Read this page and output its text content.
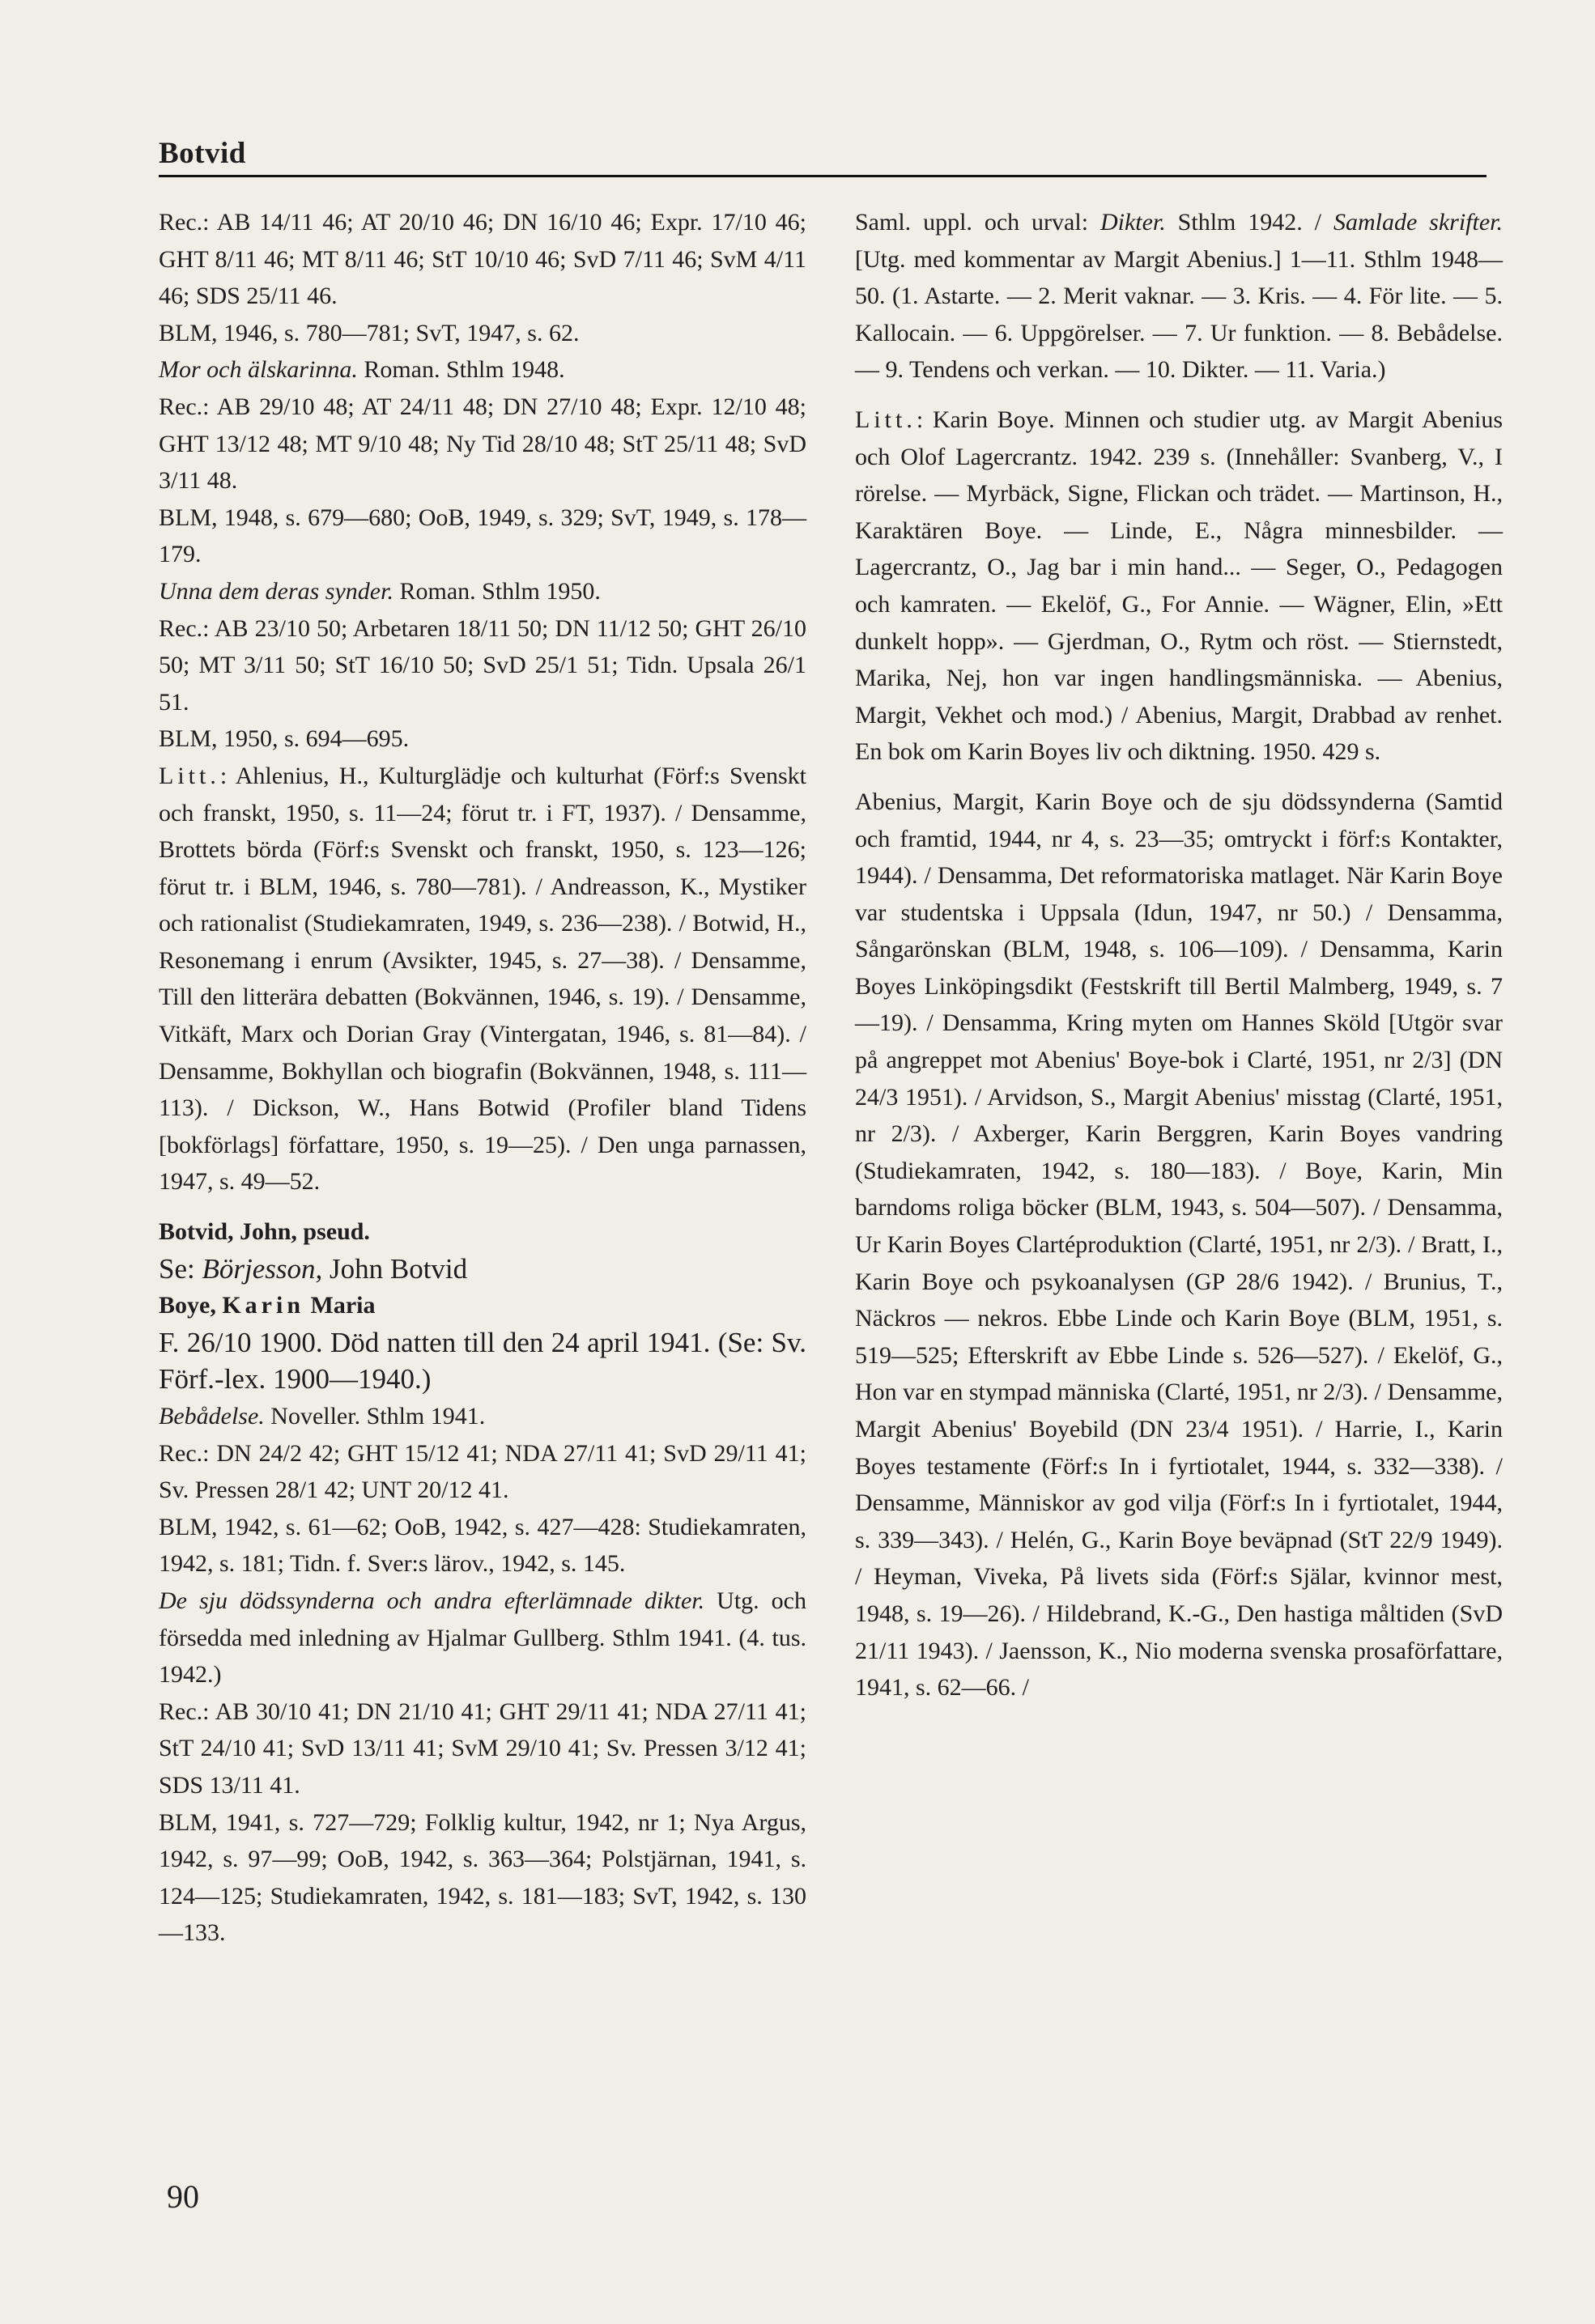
Botvid

Rec.: AB 14/11 46; AT 20/10 46; DN 16/10 46; Expr. 17/10 46; GHT 8/11 46; MT 8/11 46; StT 10/10 46; SvD 7/11 46; SvM 4/11 46; SDS 25/11 46.

BLM, 1946, s. 780—781; SvT, 1947, s. 62.

Mor och älskarinna. Roman. Sthlm 1948.

Rec.: AB 29/10 48; AT 24/11 48; DN 27/10 48; Expr. 12/10 48; GHT 13/12 48; MT 9/10 48; Ny Tid 28/10 48; StT 25/11 48; SvD 3/11 48.

BLM, 1948, s. 679—680; OoB, 1949, s. 329; SvT, 1949, s. 178—179.

Unna dem deras synder. Roman. Sthlm 1950.

Rec.: AB 23/10 50; Arbetaren 18/11 50; DN 11/12 50; GHT 26/10 50; MT 3/11 50; StT 16/10 50; SvD 25/1 51; Tidn. Upsala 26/1 51.

BLM, 1950, s. 694—695.

Litt.: Ahlenius, H., Kulturglädje och kulturhat (Förf:s Svenskt och franskt, 1950, s. 11—24; förut tr. i FT, 1937). / Densamme, Brottets börda (Förf:s Svenskt och franskt, 1950, s. 123—126; förut tr. i BLM, 1946, s. 780—781). / Andreasson, K., Mystiker och rationalist (Studiekamraten, 1949, s. 236—238). / Botwid, H., Resonemang i enrum (Avsikter, 1945, s. 27—38). / Densamme, Till den litterära debatten (Bokvännen, 1946, s. 19). / Densamme, Vitkäft, Marx och Dorian Gray (Vintergatan, 1946, s. 81—84). / Densamme, Bokhyllan och biografin (Bokvännen, 1948, s. 111—113). / Dickson, W., Hans Botwid (Profiler bland Tidens [bokförlags] författare, 1950, s. 19—25). / Den unga parnassen, 1947, s. 49—52.

Botvid, John, pseud.

Se: Börjesson, John Botvid

Boye, Karin Maria

F. 26/10 1900. Död natten till den 24 april 1941. (Se: Sv. Förf.-lex. 1900—1940.)

Bebådelse. Noveller. Sthlm 1941.

Rec.: DN 24/2 42; GHT 15/12 41; NDA 27/11 41; SvD 29/11 41; Sv. Pressen 28/1 42; UNT 20/12 41.

BLM, 1942, s. 61—62; OoB, 1942, s. 427—428: Studiekamraten, 1942, s. 181; Tidn. f. Sver:s lärov., 1942, s. 145.

De sju dödssynderna och andra efterlämnade dikter. Utg. och försedda med inledning av Hjalmar Gullberg. Sthlm 1941. (4. tus. 1942.)

Rec.: AB 30/10 41; DN 21/10 41; GHT 29/11 41; NDA 27/11 41; StT 24/10 41; SvD 13/11 41; SvM 29/10 41; Sv. Pressen 3/12 41; SDS 13/11 41.

BLM, 1941, s. 727—729; Folklig kultur, 1942, nr 1; Nya Argus, 1942, s. 97—99; OoB, 1942, s. 363—364; Polstjärnan, 1941, s. 124—125; Studiekamraten, 1942, s. 181—183; SvT, 1942, s. 130—133.

Saml. uppl. och urval: Dikter. Sthlm 1942. / Samlade skrifter. [Utg. med kommentar av Margit Abenius.] 1—11. Sthlm 1948—50. (1. Astarte. — 2. Merit vaknar. — 3. Kris. — 4. För lite. — 5. Kallocain. — 6. Uppgörelser. — 7. Ur funktion. — 8. Bebådelse. — 9. Tendens och verkan. — 10. Dikter. — 11. Varia.)

Litt.: Karin Boye. Minnen och studier utg. av Margit Abenius och Olof Lagercrantz. 1942. 239 s. (Innehåller: Svanberg, V., I rörelse. — Myrbäck, Signe, Flickan och trädet. — Martinson, H., Karaktären Boye. — Linde, E., Några minnesbilder. — Lagercrantz, O., Jag bar i min hand... — Seger, O., Pedagogen och kamraten. — Ekelöf, G., For Annie. — Wägner, Elin, »Ett dunkelt hopp». — Gjerdman, O., Rytm och röst. — Stiernstedt, Marika, Nej, hon var ingen handlingsmänniska. — Abenius, Margit, Vekhet och mod.) / Abenius, Margit, Drabbad av renhet. En bok om Karin Boyes liv och diktning. 1950. 429 s.

Abenius, Margit, Karin Boye och de sju dödssynderna (Samtid och framtid, 1944, nr 4, s. 23—35; omtryckt i förf:s Kontakter, 1944). / Densamma, Det reformatoriska matlaget. När Karin Boye var studentska i Uppsala (Idun, 1947, nr 50.) / Densamma, Sångarönskan (BLM, 1948, s. 106—109). / Densamma, Karin Boyes Linköpingsdikt (Festskrift till Bertil Malmberg, 1949, s. 7—19). / Densamma, Kring myten om Hannes Sköld [Utgör svar på angreppet mot Abenius' Boye-bok i Clarté, 1951, nr 2/3] (DN 24/3 1951). / Arvidson, S., Margit Abenius' misstag (Clarté, 1951, nr 2/3). / Axberger, Karin Berggren, Karin Boyes vandring (Studiekamraten, 1942, s. 180—183). / Boye, Karin, Min barndoms roliga böcker (BLM, 1943, s. 504—507). / Densamma, Ur Karin Boyes Clartéproduktion (Clarté, 1951, nr 2/3). / Bratt, I., Karin Boye och psykoanalysen (GP 28/6 1942). / Brunius, T., Näckros — nekros. Ebbe Linde och Karin Boye (BLM, 1951, s. 519—525; Efterskrift av Ebbe Linde s. 526—527). / Ekelöf, G., Hon var en stympad människa (Clarté, 1951, nr 2/3). / Densamme, Margit Abenius' Boyebild (DN 23/4 1951). / Harrie, I., Karin Boyes testamente (Förf:s In i fyrtiotalet, 1944, s. 332—338). / Densamme, Människor av god vilja (Förf:s In i fyrtiotalet, 1944, s. 339—343). / Helén, G., Karin Boye beväpnad (StT 22/9 1949). / Heyman, Viveka, På livets sida (Förf:s Själar, kvinnor mest, 1948, s. 19—26). / Hildebrand, K.-G., Den hastiga måltiden (SvD 21/11 1943). / Jaensson, K., Nio moderna svenska prosaförfattare, 1941, s. 62—66. /

90
